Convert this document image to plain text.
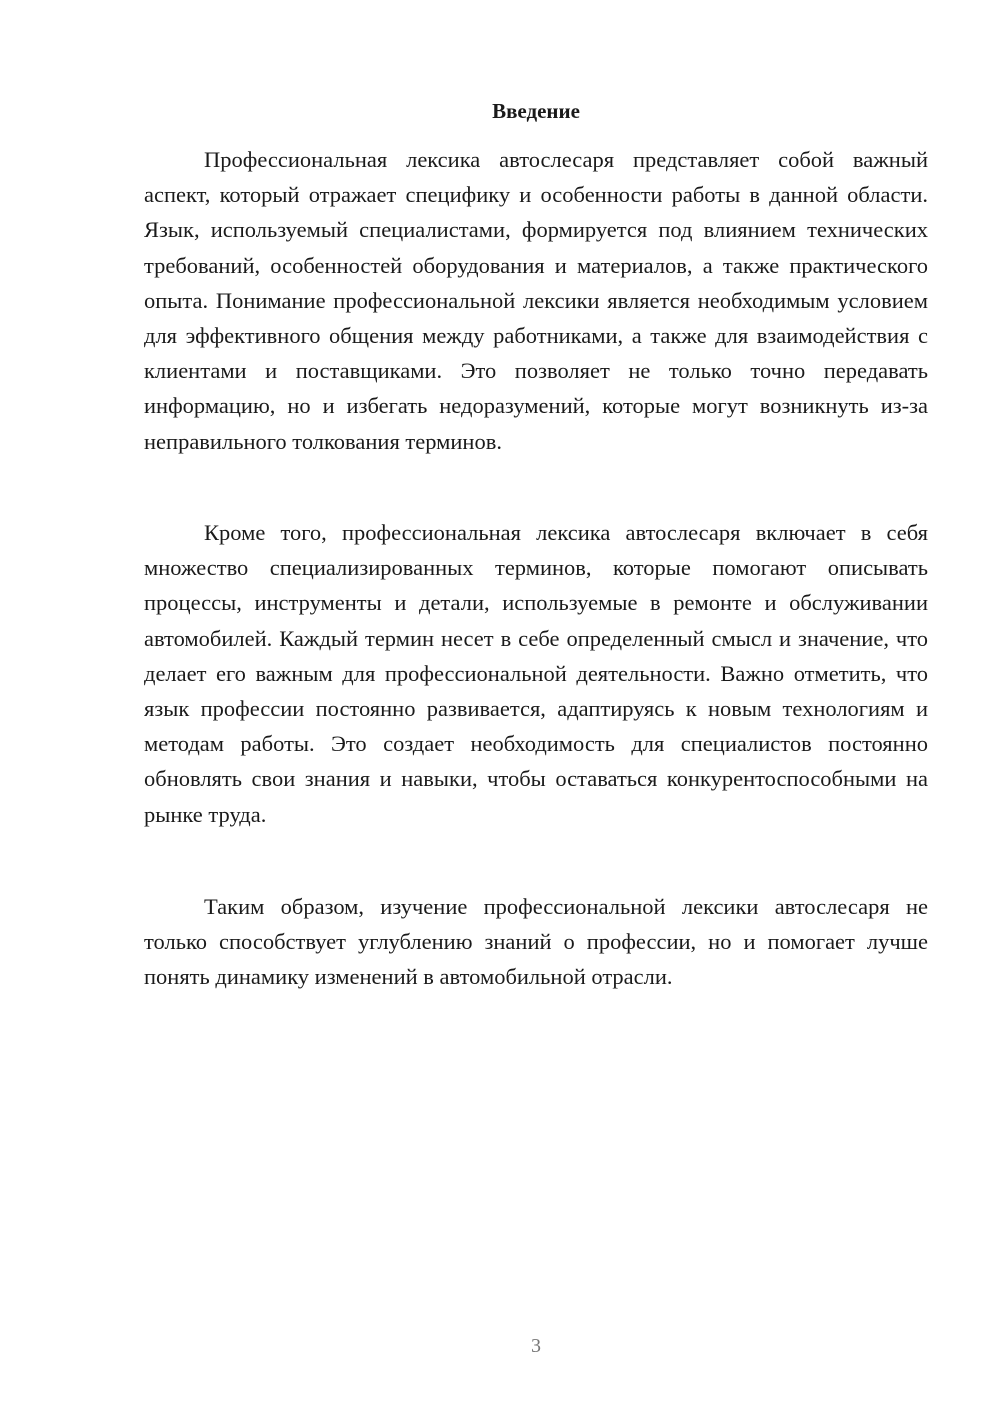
Введение

Профессиональная лексика автослесаря представляет собой важный аспект, который отражает специфику и особенности работы в данной области. Язык, используемый специалистами, формируется под влиянием технических требований, особенностей оборудования и материалов, а также практического опыта. Понимание профессиональной лексики является необходимым условием для эффективного общения между работниками, а также для взаимодействия с клиентами и поставщиками. Это позволяет не только точно передавать информацию, но и избегать недоразумений, которые могут возникнуть из-за неправильного толкования терминов.

Кроме того, профессиональная лексика автослесаря включает в себя множество специализированных терминов, которые помогают описывать процессы, инструменты и детали, используемые в ремонте и обслуживании автомобилей. Каждый термин несет в себе определенный смысл и значение, что делает его важным для профессиональной деятельности. Важно отметить, что язык профессии постоянно развивается, адаптируясь к новым технологиям и методам работы. Это создает необходимость для специалистов постоянно обновлять свои знания и навыки, чтобы оставаться конкурентоспособными на рынке труда.

Таким образом, изучение профессиональной лексики автослесаря не только способствует углублению знаний о профессии, но и помогает лучше понять динамику изменений в автомобильной отрасли.

3
